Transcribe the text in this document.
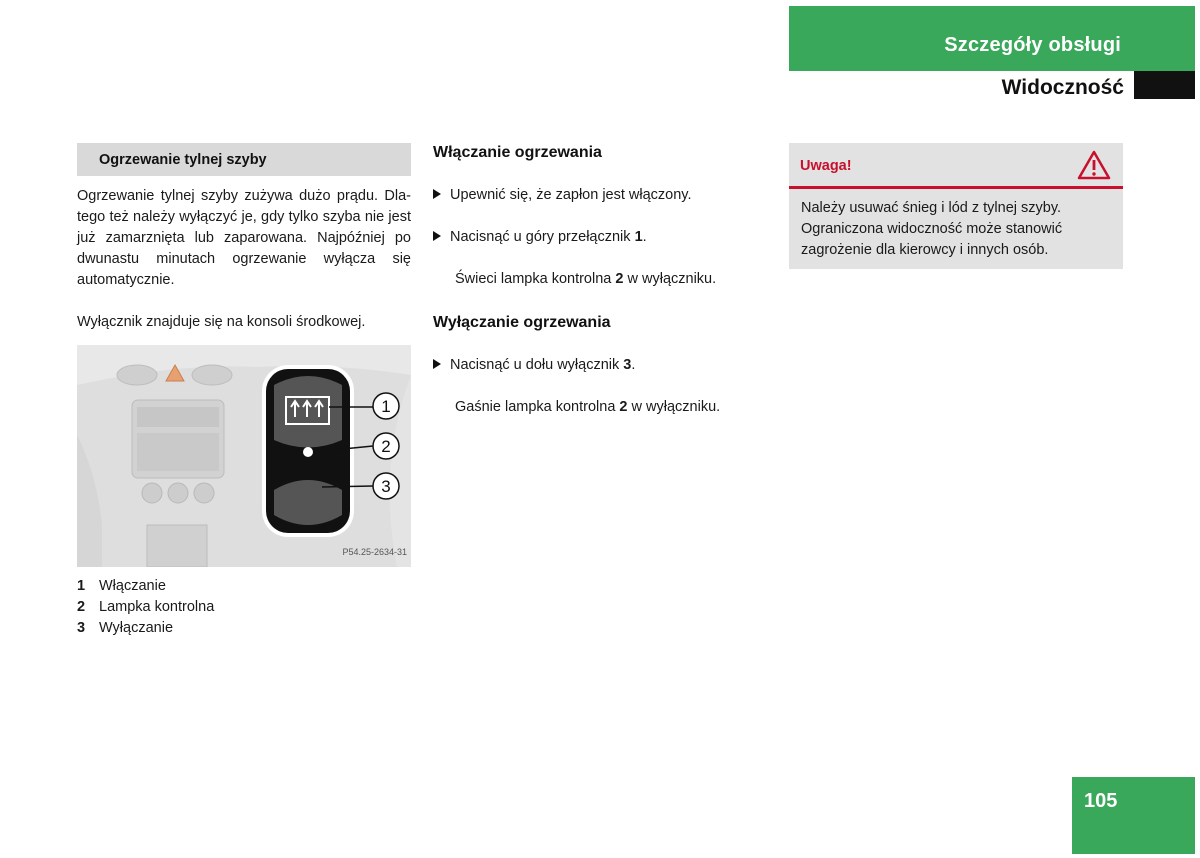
Szczegóły obsługi
Widoczność
Ogrzewanie tylnej szyby
Ogrzewanie tylnej szyby zużywa dużo prądu. Dla-tego też należy wyłączyć je, gdy tylko szyba nie jest już zamarznięta lub zaparowana. Najpóźniej po dwunastu minutach ogrzewanie wyłącza się automatycznie.
Wyłącznik znajduje się na konsoli środkowej.
1
2
3
P54.25-2634-31
1 Włączanie
2 Lampka kontrolna
3 Wyłączanie
Włączanie ogrzewania
Upewnić się, że zapłon jest włączony.
Nacisnąć u góry przełącznik 1.
Świeci lampka kontrolna 2 w wyłączniku.
Wyłączanie ogrzewania
Nacisnąć u dołu wyłącznik 3.
Gaśnie lampka kontrolna 2 w wyłączniku.
Uwaga!
Należy usuwać śnieg i lód z tylnej szyby. Ograniczona widoczność może stanowić zagrożenie dla kierowcy i innych osób.
105
